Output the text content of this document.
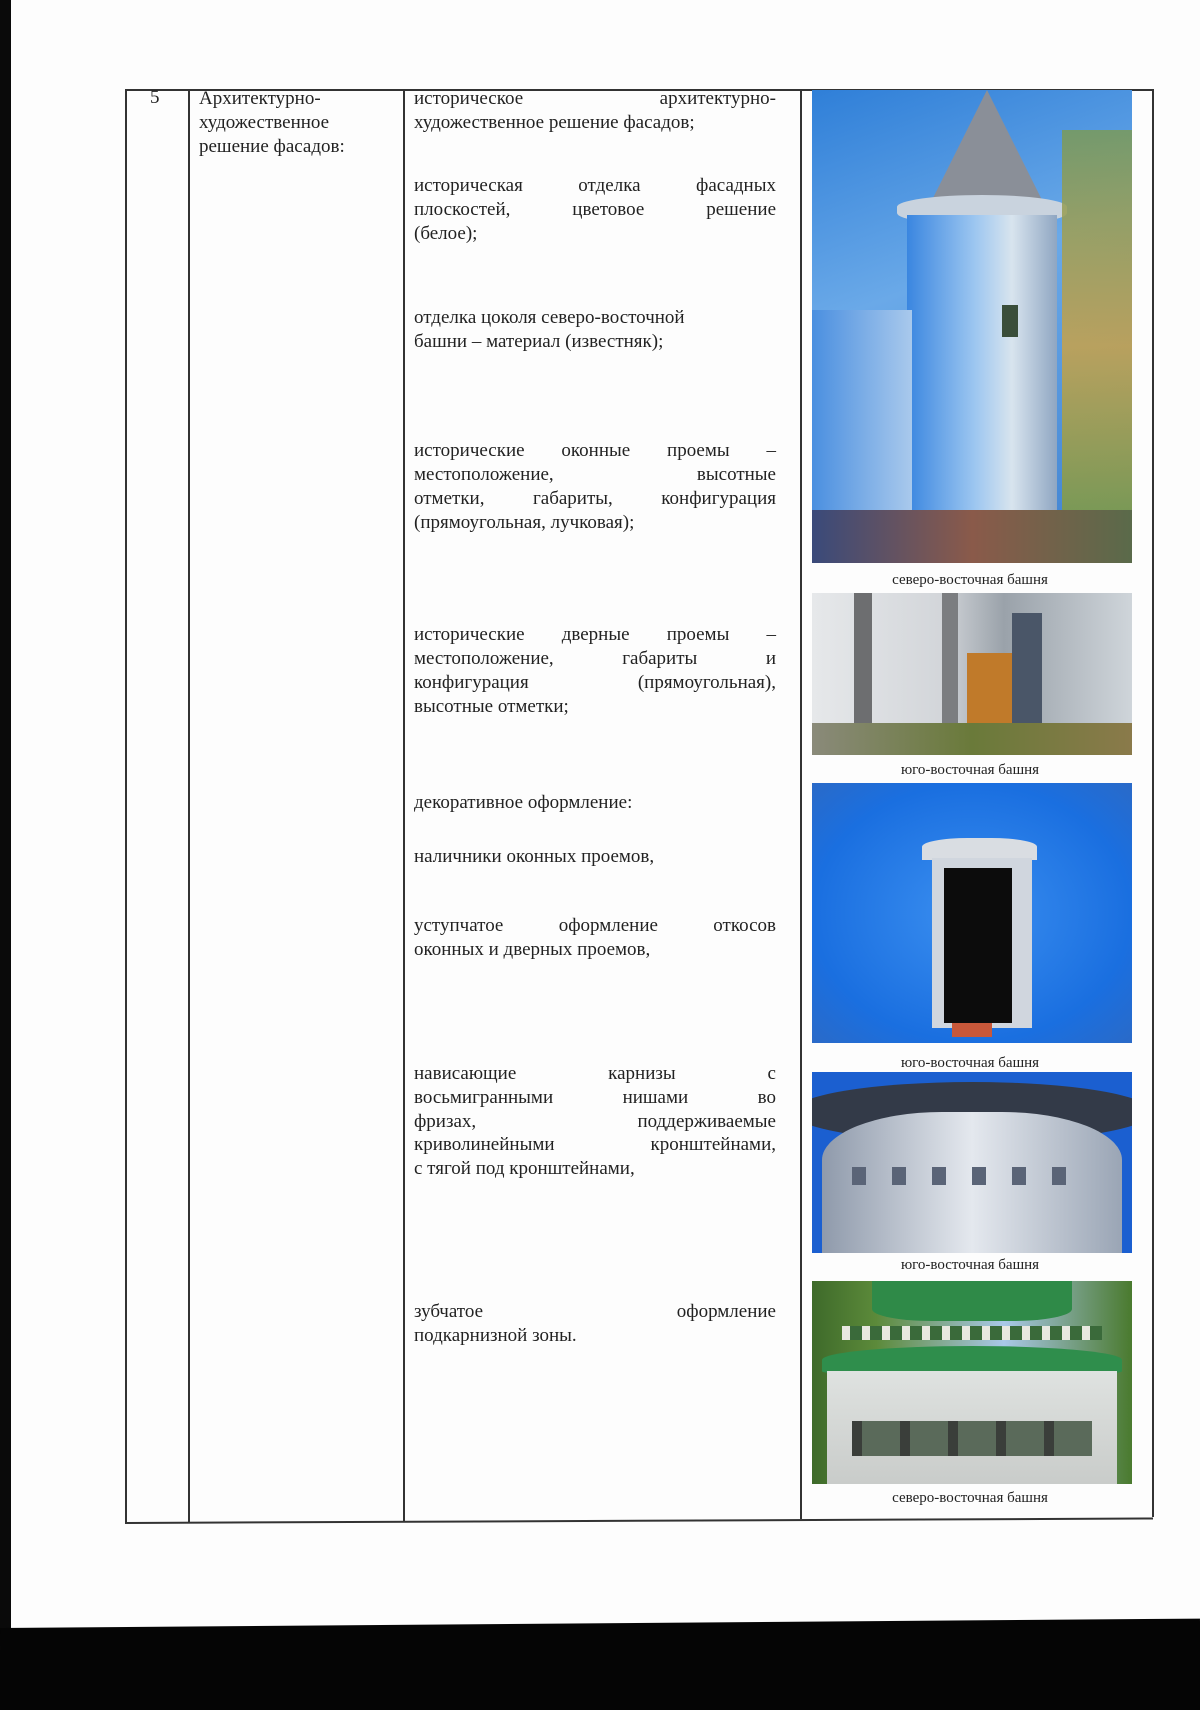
5 Архитектурно-
художественное
решение фасадов:
историческое архитектурно-
художественное решение фасадов;
историческая отделка фасадных
плоскостей, цветовое решение
(белое);
отделка цоколя северо-восточной
башни – материал (известняк);
исторические оконные проемы –
местоположение, высотные
отметки, габариты, конфигурация
(прямоугольная, лучковая);
исторические дверные проемы –
местоположение, габариты и
конфигурация (прямоугольная),
высотные отметки;
декоративное оформление:
наличники оконных проемов,
уступчатое оформление откосов
оконных и дверных проемов,
нависающие карнизы с
восьмигранными нишами во
фризах, поддерживаемые
криволинейными кронштейнами,
с тягой под кронштейнами,
зубчатое оформление
подкарнизной зоны.
северо-восточная башня
юго-восточная башня
юго-восточная башня
юго-восточная башня
северо-восточная башня
